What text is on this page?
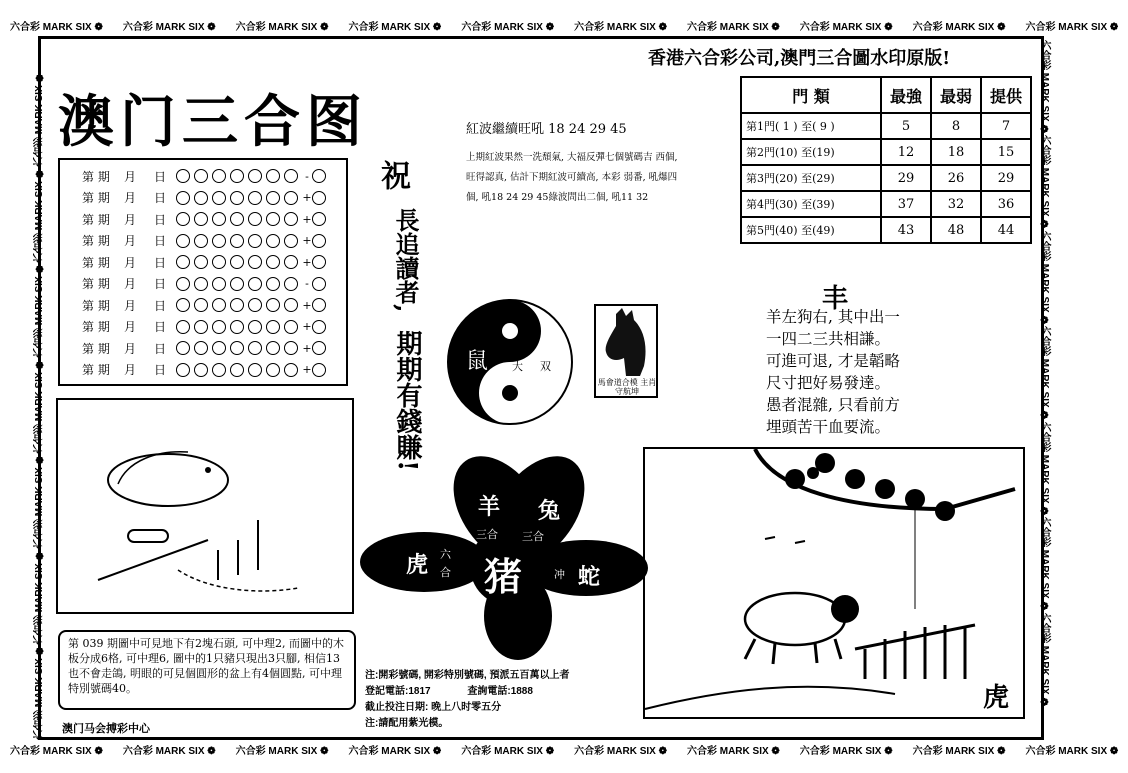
六合彩 MARK SIX ❁ 六合彩 MARK SIX ❁ 六合彩 MARK SIX ❁ 六合彩 MARK SIX ❁ 六合彩 MARK SIX ❁ 六合彩 MARK SIX ❁ 六合彩 MARK SIX ❁ 六合彩 MARK SIX ❁ 六合彩 MARK SIX ❁ 六合彩 MARK SIX ❁
六合彩 MARK SIX ❁ 六合彩 MARK SIX ❁ 六合彩 MARK SIX ❁ 六合彩 MARK SIX ❁ 六合彩 MARK SIX ❁ 六合彩 MARK SIX ❁ 六合彩 MARK SIX ❁ 六合彩 MARK SIX ❁ 六合彩 MARK SIX ❁ 六合彩 MARK SIX ❁
六合彩 MARK SIX ❁六合彩 MARK SIX ❁六合彩 MARK SIX ❁六合彩 MARK SIX ❁六合彩 MARK SIX ❁六合彩 MARK SIX ❁六合彩 MARK SIX ❁	六合彩 MARK SIX ❁六合彩 MARK SIX ❁六合彩 MARK SIX ❁六合彩 MARK SIX ❁六合彩 MARK SIX ❁六合彩 MARK SIX ❁六合彩 MARK SIX ❁
香港六合彩公司,澳門三合圖水印原版!
澳门三合图
第 期	月	日	-
第 期	月	日	+
第 期	月	日	+
第 期	月	日	+
第 期	月	日	+
第 期	月	日	-
第 期	月	日	+
第 期	月	日	+
第 期	月	日	+
第 期	月	日	+
祝
長追讀者,
期期有錢賺!
紅波繼續旺吼 18 24 29 45
上期紅波果然一洗頹氣, 大福反彈七個號碼吉 西個, 旺得認真, 估計下期紅波可續高, 本彩 弱番, 吼爆四個, 吼18 24 29 45綠波問出二個, 吼11 32
門 類	最強	最弱	提供
第1門( 1 ) 至( 9 )	5	8	7
第2門(10) 至(19)	12	18	15
第3門(20) 至(29)	29	26	29
第4門(30) 至(39)	37	32	36
第5門(40) 至(49)	43	48	44
鼠 大 双
馬會道合模 主肖守航坤
丰
羊左狗右, 其中出一
一四二三共相謙。
可進可退, 才是韜略
尺寸把好易發達。
愚者混雜, 只看前方
埋頭苦干血要流。
羊 兔
三合 三合
虎 六
合 猪	冲 蛇
第 039 期圖中可見地下有2塊石頭, 可中理2, 而圖中的木板分成6格, 可中理6, 圖中的1只豬只現出3只腳, 相信13也不會走鴿, 明眼的可見個圓形的盆上有4個圓點, 可中理特別號碼40。
澳门马会搏彩中心
注:開彩號碼, 開彩特別號碼, 預派五百萬以上者
登記電話:1817	查詢電話:1888
截止投注日期: 晚上八时零五分
注:請配用紫光模。
虎
